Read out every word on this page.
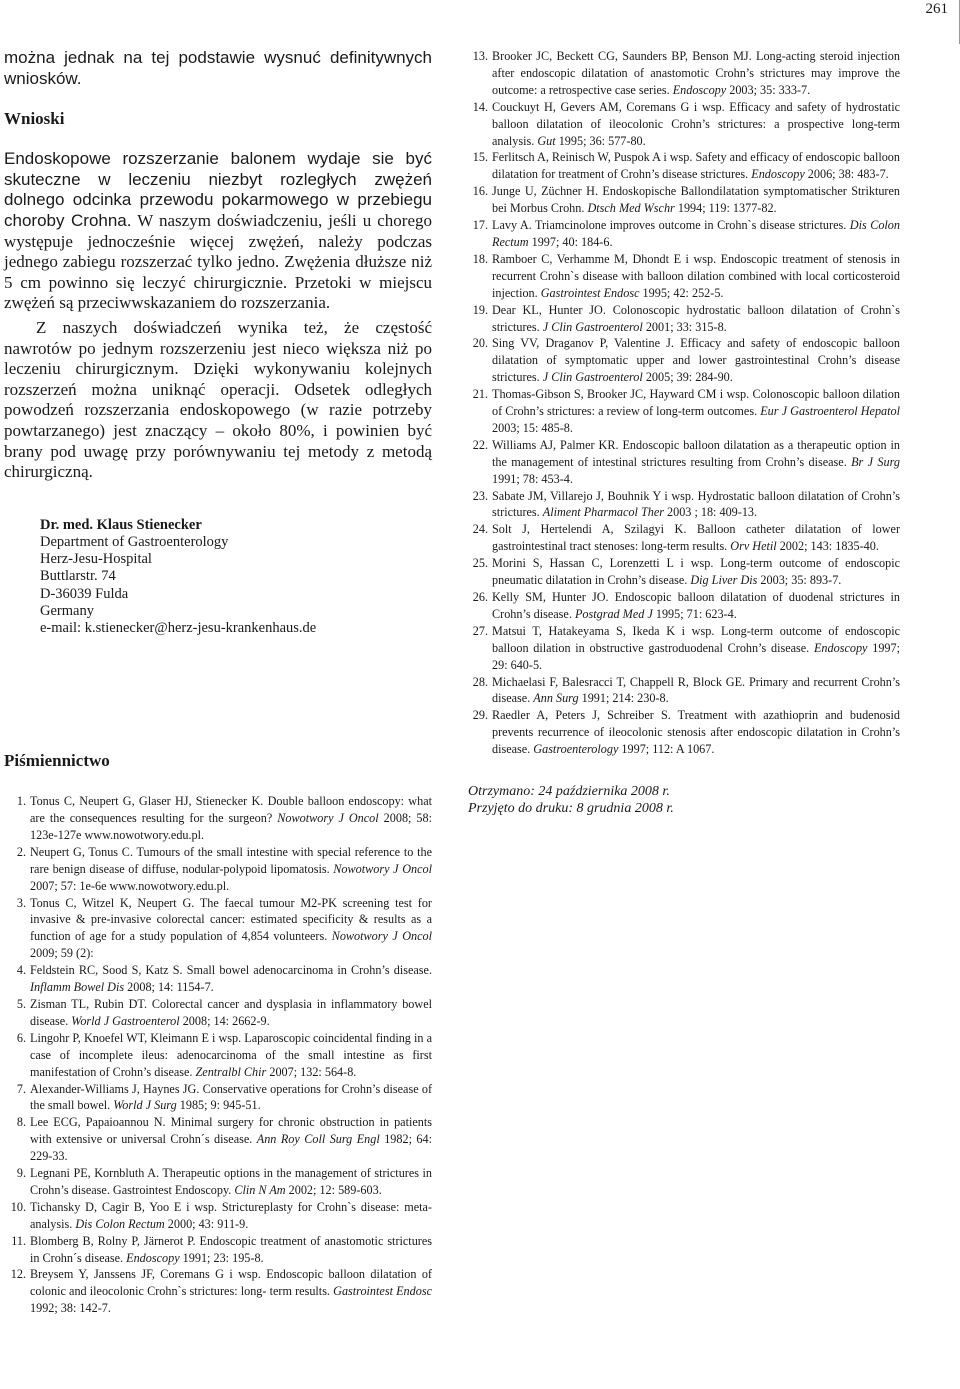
261

można jednak na tej podstawie wysnuć definitywnych wniosków.

Wnioski

Endoskopowe rozszerzanie balonem wydaje sie być skuteczne w leczeniu niezbyt rozległych zwężeń dolnego odcinka przewodu pokarmowego w przebiegu choroby Crohna. W naszym doświadczeniu, jeśli u chorego występuje jednocześnie więcej zwężeń, należy podczas jednego zabiegu rozszerzać tylko jedno. Zwężenia dłuższe niż 5 cm powinno się leczyć chirurgicznie. Przetoki w miejscu zwężeń są przeciwwskazaniem do rozszerzania.

Z naszych doświadczeń wynika też, że częstość nawrotów po jednym rozszerzeniu jest nieco większa niż po leczeniu chirurgicznym. Dzięki wykonywaniu kolejnych rozszerzeń można uniknąć operacji. Odsetek odległych powodzeń rozszerzania endoskopowego (w razie potrzeby powtarzanego) jest znaczący – około 80%, i powinien być brany pod uwagę przy porównywaniu tej metody z metodą chirurgiczną.

Dr. med. Klaus Stienecker

Department of Gastroenterology

Herz-Jesu-Hospital

Buttlarstr. 74

D-36039 Fulda

Germany

e-mail: k.stienecker@herz-jesu-krankenhaus.de

Piśmiennictwo
1. Tonus C, Neupert G, Glaser HJ, Stienecker K. Double balloon endoscopy: what are the consequences resulting for the surgeon? Nowotwory J Oncol 2008; 58: 123e-127e www.nowotwory.edu.pl.
2. Neupert G, Tonus C. Tumours of the small intestine with special reference to the rare benign disease of diffuse, nodular-polypoid lipomatosis. Nowotwory J Oncol 2007; 57: 1e-6e www.nowotwory.edu.pl.
3. Tonus C, Witzel K, Neupert G. The faecal tumour M2-PK screening test for invasive & pre-invasive colorectal cancer: estimated specificity & results as a function of age for a study population of 4,854 volunteers. Nowotwory J Oncol 2009; 59 (2):
4. Feldstein RC, Sood S, Katz S. Small bowel adenocarcinoma in Crohn’s disease. Inflamm Bowel Dis 2008; 14: 1154-7.
5. Zisman TL, Rubin DT. Colorectal cancer and dysplasia in inflammatory bowel disease. World J Gastroenterol 2008; 14: 2662-9.
6. Lingohr P, Knoefel WT, Kleimann E i wsp. Laparoscopic coincidental finding in a case of incomplete ileus: adenocarcinoma of the small intestine as first manifestation of Crohn’s disease. Zentralbl Chir 2007; 132: 564-8.
7. Alexander-Williams J, Haynes JG. Conservative operations for Crohn’s disease of the small bowel. World J Surg 1985; 9: 945-51.
8. Lee ECG, Papaioannou N. Minimal surgery for chronic obstruction in patients with extensive or universal Crohn´s disease. Ann Roy Coll Surg Engl 1982; 64: 229-33.
9. Legnani PE, Kornbluth A. Therapeutic options in the management of strictures in Crohn’s disease. Gastrointest Endoscopy. Clin N Am 2002; 12: 589-603.
10. Tichansky D, Cagir B, Yoo E i wsp. Strictureplasty for Crohn`s disease: meta-analysis. Dis Colon Rectum 2000; 43: 911-9.
11. Blomberg B, Rolny P, Järnerot P. Endoscopic treatment of anastomotic strictures in Crohn´s disease. Endoscopy 1991; 23: 195-8.
12. Breysem Y, Janssens JF, Coremans G i wsp. Endoscopic balloon dilatation of colonic and ileocolonic Crohn`s strictures: long- term results. Gastrointest Endosc 1992; 38: 142-7.
13. Brooker JC, Beckett CG, Saunders BP, Benson MJ. Long-acting steroid injection after endoscopic dilatation of anastomotic Crohn’s strictures may improve the outcome: a retrospective case series. Endoscopy 2003; 35: 333-7.
14. Couckuyt H, Gevers AM, Coremans G i wsp. Efficacy and safety of hydrostatic balloon dilatation of ileocolonic Crohn’s strictures: a prospective long-term analysis. Gut 1995; 36: 577-80.
15. Ferlitsch A, Reinisch W, Puspok A i wsp. Safety and efficacy of endoscopic balloon dilatation for treatment of Crohn’s disease strictures. Endoscopy 2006; 38: 483-7.
16. Junge U, Züchner H. Endoskopische Ballondilatation symptomatischer Strikturen bei Morbus Crohn. Dtsch Med Wschr 1994; 119: 1377-82.
17. Lavy A. Triamcinolone improves outcome in Crohn`s disease strictures. Dis Colon Rectum 1997; 40: 184-6.
18. Ramboer C, Verhamme M, Dhondt E i wsp. Endoscopic treatment of stenosis in recurrent Crohn`s disease with balloon dilation combined with local corticosteroid injection. Gastrointest Endosc 1995; 42: 252-5.
19. Dear KL, Hunter JO. Colonoscopic hydrostatic balloon dilatation of Crohn`s strictures. J Clin Gastroenterol 2001; 33: 315-8.
20. Sing VV, Draganov P, Valentine J. Efficacy and safety of endoscopic balloon dilatation of symptomatic upper and lower gastrointestinal Crohn’s disease strictures. J Clin Gastroenterol 2005; 39: 284-90.
21. Thomas-Gibson S, Brooker JC, Hayward CM i wsp. Colonoscopic balloon dilation of Crohn’s strictures: a review of long-term outcomes. Eur J Gastroenterol Hepatol 2003; 15: 485-8.
22. Williams AJ, Palmer KR. Endoscopic balloon dilatation as a therapeutic option in the management of intestinal strictures resulting from Crohn’s disease. Br J Surg 1991; 78: 453-4.
23. Sabate JM, Villarejo J, Bouhnik Y i wsp. Hydrostatic balloon dilatation of Crohn’s strictures. Aliment Pharmacol Ther 2003 ; 18: 409-13.
24. Solt J, Hertelendi A, Szilagyi K. Balloon catheter dilatation of lower gastrointestinal tract stenoses: long-term results. Orv Hetil 2002; 143: 1835-40.
25. Morini S, Hassan C, Lorenzetti L i wsp. Long-term outcome of endoscopic pneumatic dilatation in Crohn’s disease. Dig Liver Dis 2003; 35: 893-7.
26. Kelly SM, Hunter JO. Endoscopic balloon dilatation of duodenal strictures in Crohn’s disease. Postgrad Med J 1995; 71: 623-4.
27. Matsui T, Hatakeyama S, Ikeda K i wsp. Long-term outcome of endoscopic balloon dilation in obstructive gastroduodenal Crohn’s disease. Endoscopy 1997; 29: 640-5.
28. Michaelasi F, Balesracci T, Chappell R, Block GE. Primary and recurrent Crohn’s disease. Ann Surg 1991; 214: 230-8.
29. Raedler A, Peters J, Schreiber S. Treatment with azathioprin and budenosid prevents recurrence of ileocolonic stenosis after endoscopic dilatation in Crohn’s disease. Gastroenterology 1997; 112: A 1067.

Otrzymano: 24 października 2008 r.

Przyjęto do druku: 8 grudnia 2008 r.
